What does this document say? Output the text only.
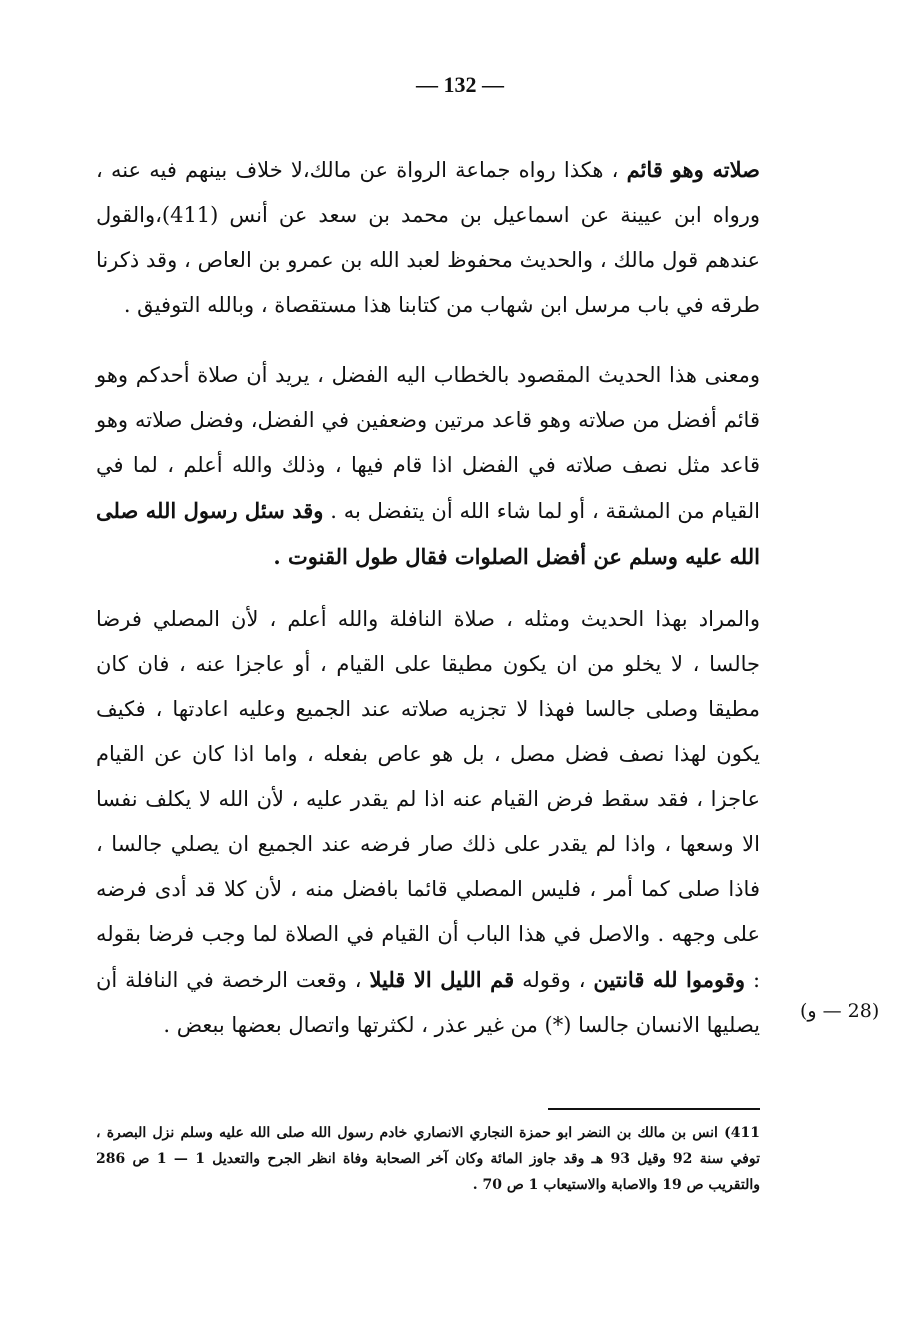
— 132 —

صلاته وهو قائم ، هكذا رواه جماعة الرواة عن مالك،لا خلاف بينهم فيه عنه ، ورواه ابن عيينة عن اسماعيل بن محمد بن سعد عن أنس (411)،والقول عندهم قول مالك ، والحديث محفوظ لعبد الله بن عمرو بن العاص ، وقد ذكرنا طرقه في باب مرسل ابن شهاب من كتابنا هذا مستقصاة ، وبالله التوفيق .

ومعنى هذا الحديث المقصود بالخطاب اليه الفضل ، يريد أن صلاة أحدكم وهو قائم أفضل من صلاته وهو قاعد مرتين وضعفين في الفضل، وفضل صلاته وهو قاعد مثل نصف صلاته في الفضل اذا قام فيها ، وذلك والله أعلم ، لما في القيام من المشقة ، أو لما شاء الله أن يتفضل به . وقد سئل رسول الله صلى الله عليه وسلم عن أفضل الصلوات فقال طول القنوت .

والمراد بهذا الحديث ومثله ، صلاة النافلة والله أعلم ، لأن المصلي فرضا جالسا ، لا يخلو من ان يكون مطيقا على القيام ، أو عاجزا عنه ، فان كان مطيقا وصلى جالسا فهذا لا تجزيه صلاته عند الجميع وعليه اعادتها ، فكيف يكون لهذا نصف فضل مصل ، بل هو عاص بفعله ، واما اذا كان عن القيام عاجزا ، فقد سقط فرض القيام عنه اذا لم يقدر عليه ، لأن الله لا يكلف نفسا الا وسعها ، واذا لم يقدر على ذلك صار فرضه عند الجميع ان يصلي جالسا ، فاذا صلى كما أمر ، فليس المصلي قائما بافضل منه ، لأن كلا قد أدى فرضه على وجهه . والاصل في هذا الباب أن القيام في الصلاة لما وجب فرضا بقوله : وقوموا لله قانتين ، وقوله قم الليل الا قليلا ، وقعت الرخصة في النافلة أن يصليها الانسان جالسا (*) من غير عذر ، لكثرتها واتصال بعضها ببعض .

(28 — و)
411) انس بن مالك بن النضر ابو حمزة النجاري الانصاري خادم رسول الله صلى الله عليه وسلم نزل البصرة ، توفي سنة 92 وقيل 93 هـ وقد جاوز المائة وكان آخر الصحابة وفاة انظر الجرح والتعديل 1 — 1 ص 286 والتقريب ص 19 والاصابة والاستيعاب 1 ص 70 .
